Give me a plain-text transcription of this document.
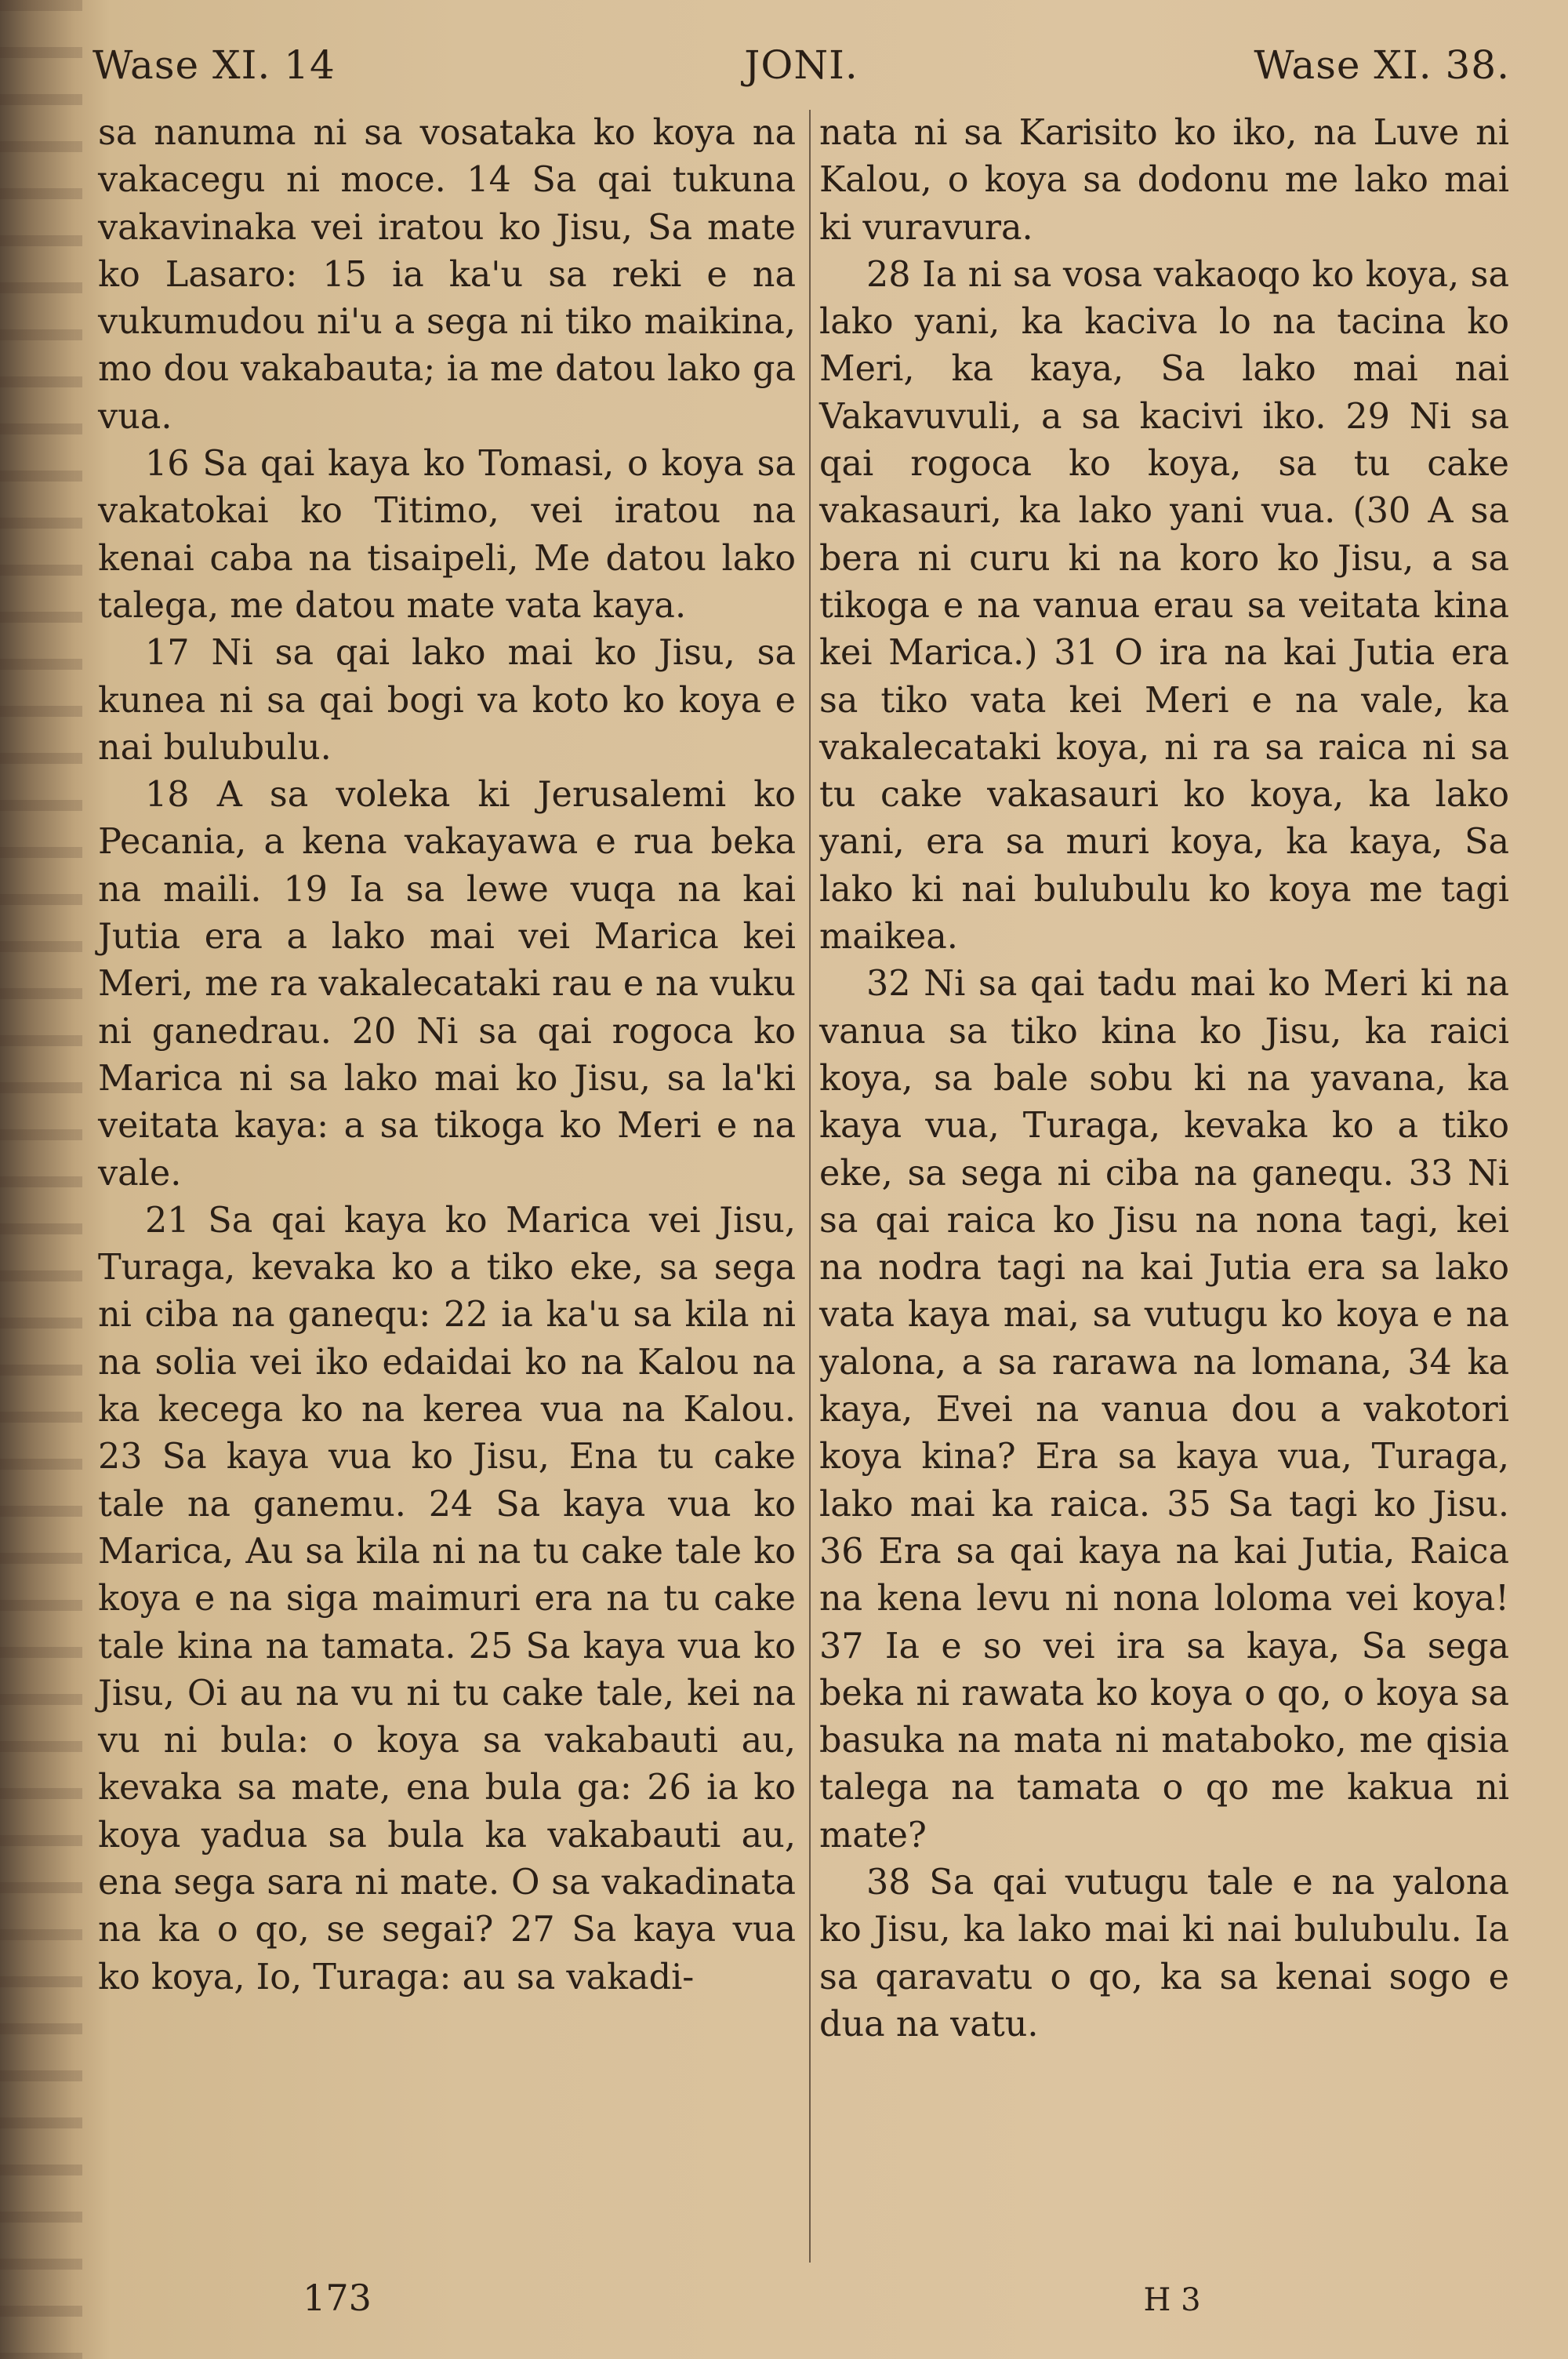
Wase XI. 14	JONI.	Wase XI. 38.

sa nanuma ni sa vosataka ko koya na vakacegu ni moce. 14 Sa qai tukuna vakavinaka vei iratou ko Jisu, Sa mate ko Lasaro: 15 ia ka'u sa reki e na vukumudou ni'u a sega ni tiko maikina, mo dou vakabauta; ia me datou lako ga vua.

16 Sa qai kaya ko Tomasi, o koya sa vakatokai ko Titimo, vei iratou na kenai caba na tisaipeli, Me datou lako talega, me datou mate vata kaya.

17 Ni sa qai lako mai ko Jisu, sa kunea ni sa qai bogi va koto ko koya e nai bulubulu.

18 A sa voleka ki Jerusalemi ko Pecania, a kena vakayawa e rua beka na maili. 19 Ia sa lewe vuqa na kai Jutia era a lako mai vei Marica kei Meri, me ra vakalecataki rau e na vuku ni ganedrau. 20 Ni sa qai rogoca ko Marica ni sa lako mai ko Jisu, sa la'ki veitata kaya: a sa tikoga ko Meri e na vale.

21 Sa qai kaya ko Marica vei Jisu, Turaga, kevaka ko a tiko eke, sa sega ni ciba na ganequ: 22 ia ka'u sa kila ni na solia vei iko edaidai ko na Kalou na ka kecega ko na kerea vua na Kalou. 23 Sa kaya vua ko Jisu, Ena tu cake tale na ganemu. 24 Sa kaya vua ko Marica, Au sa kila ni na tu cake tale ko koya e na siga maimuri era na tu cake tale kina na tamata. 25 Sa kaya vua ko Jisu, Oi au na vu ni tu cake tale, kei na vu ni bula: o koya sa vakabauti au, kevaka sa mate, ena bula ga: 26 ia ko koya yadua sa bula ka vakabauti au, ena sega sara ni mate. O sa vakadinata na ka o qo, se segai? 27 Sa kaya vua ko koya, Io, Turaga: au sa vakadi-

nata ni sa Karisito ko iko, na Luve ni Kalou, o koya sa dodonu me lako mai ki vuravura.

28 Ia ni sa vosa vakaoqo ko koya, sa lako yani, ka kaciva lo na tacina ko Meri, ka kaya, Sa lako mai nai Vakavuvuli, a sa kacivi iko. 29 Ni sa qai rogoca ko koya, sa tu cake vakasauri, ka lako yani vua. (30 A sa bera ni curu ki na koro ko Jisu, a sa tikoga e na vanua erau sa veitata kina kei Marica.) 31 O ira na kai Jutia era sa tiko vata kei Meri e na vale, ka vakalecataki koya, ni ra sa raica ni sa tu cake vakasauri ko koya, ka lako yani, era sa muri koya, ka kaya, Sa lako ki nai bulubulu ko koya me tagi maikea.

32 Ni sa qai tadu mai ko Meri ki na vanua sa tiko kina ko Jisu, ka raici koya, sa bale sobu ki na yavana, ka kaya vua, Turaga, kevaka ko a tiko eke, sa sega ni ciba na ganequ. 33 Ni sa qai raica ko Jisu na nona tagi, kei na nodra tagi na kai Jutia era sa lako vata kaya mai, sa vutugu ko koya e na yalona, a sa rarawa na lomana, 34 ka kaya, Evei na vanua dou a vakotori koya kina? Era sa kaya vua, Turaga, lako mai ka raica. 35 Sa tagi ko Jisu. 36 Era sa qai kaya na kai Jutia, Raica na kena levu ni nona loloma vei koya! 37 Ia e so vei ira sa kaya, Sa sega beka ni rawata ko koya o qo, o koya sa basuka na mata ni mataboko, me qisia talega na tamata o qo me kakua ni mate?

38 Sa qai vutugu tale e na yalona ko Jisu, ka lako mai ki nai bulubulu. Ia sa qaravatu o qo, ka sa kenai sogo e dua na vatu.

173	H 3
